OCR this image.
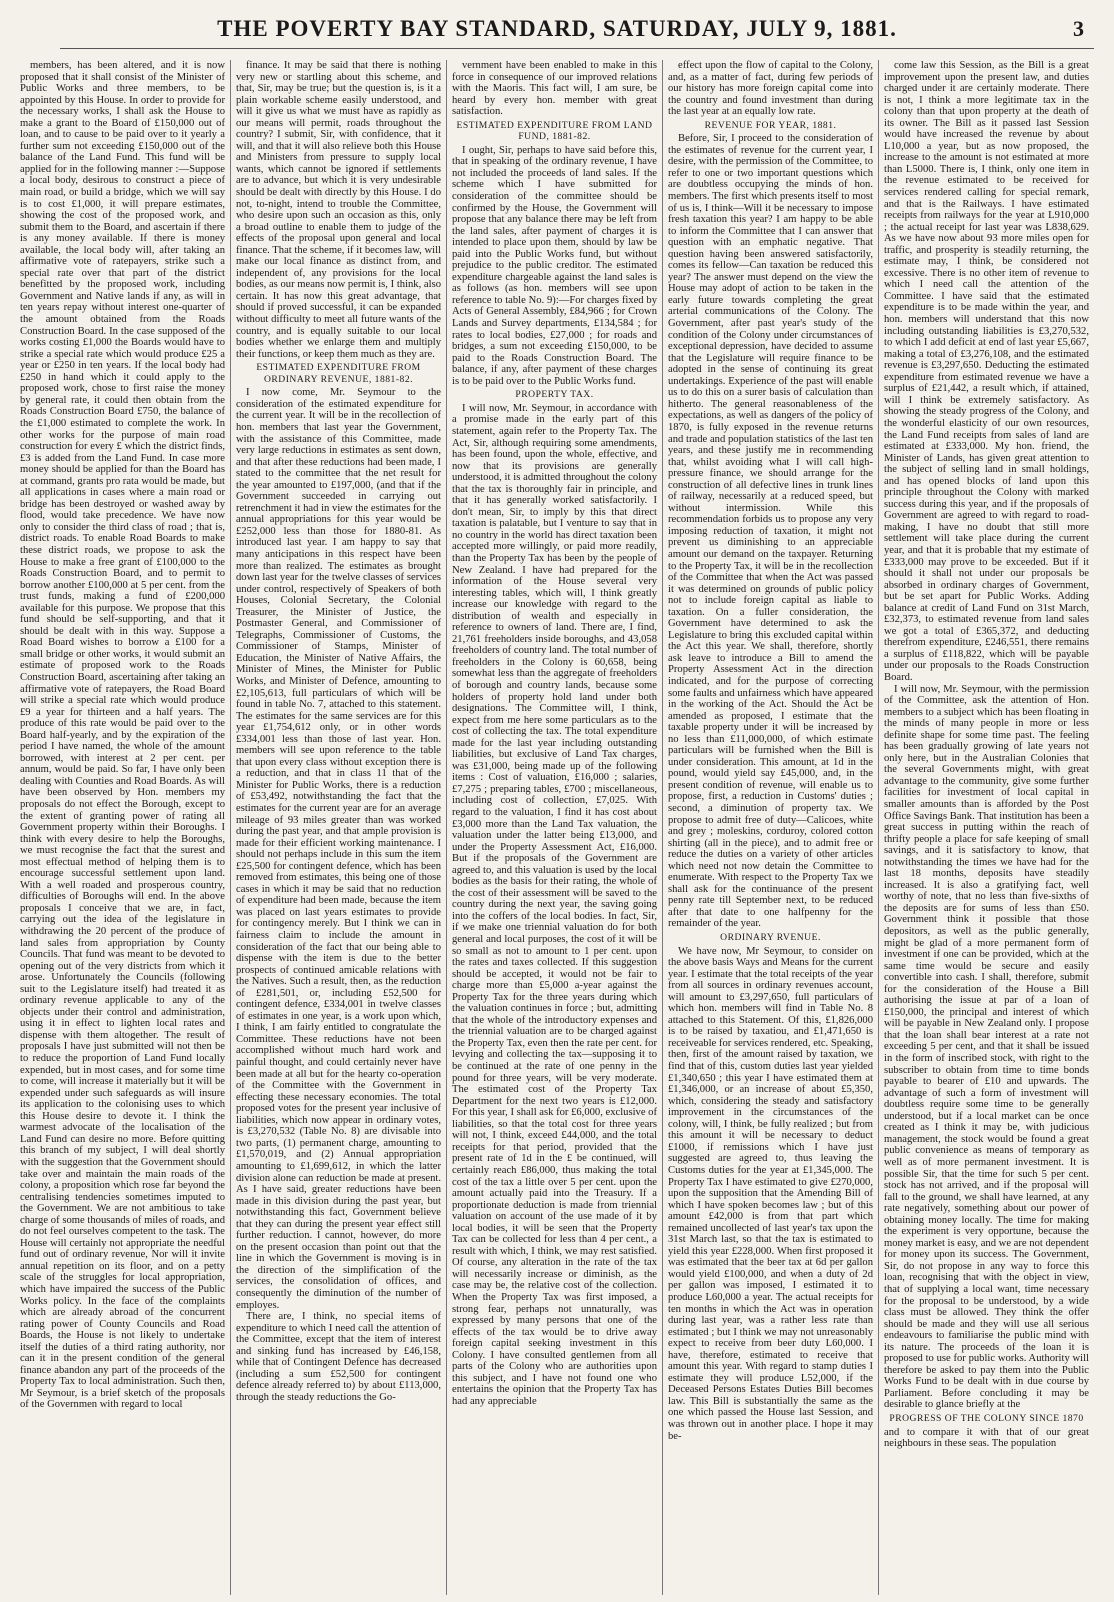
THE POVERTY BAY STANDARD, SATURDAY, JULY 9, 1881.	3

members, has been altered, and it is now proposed that it shall consist of the Minister of Public Works and three members, to be appointed by this House. In order to provide for the necessary works, I shall ask the House to make a grant to the Board of £150,000 out of loan, and to cause to be paid over to it yearly a further sum not exceeding £150,000 out of the balance of the Land Fund. This fund will be applied for in the following manner :—Suppose a local body, desirous to construct a piece of main road, or build a bridge, which we will say is to cost £1,000, it will prepare estimates, showing the cost of the proposed work, and submit them to the Board, and ascertain if there is any money available. If there is money available, the local body will, after taking an affirmative vote of ratepayers, strike such a special rate over that part of the district benefitted by the proposed work, including Government and Native lands if any, as will in ten years repay without interest one-quarter of the amount obtained from the Roads Construction Board. In the case supposed of the works costing £1,000 the Boards would have to strike a special rate which would produce £25 a year or £250 in ten years. If the local body had £250 in hand which it could apply to the proposed work, chose to first raise the money by general rate, it could then obtain from the Roads Construction Board £750, the balance of the £1,000 estimated to complete the work. In other works for the purpose of main road construction for every £ which the district finds, £3 is added from the Land Fund. In case more money should be applied for than the Board has at command, grants pro rata would be made, but all applications in cases where a main road or bridge has been destroyed or washed away by flood, would take precedence. We have now only to consider the third class of road ; that is, district roads. To enable Road Boards to make these district roads, we propose to ask the House to make a free grant of £100,000 to the Roads Construction Board, and to permit to borrow another £100,000 at 5 per cent. from the trust funds, making a fund of £200,000 available for this purpose. We propose that this fund should be self-supporting, and that it should be dealt with in this way. Suppose a Road Board wishes to borrow a £100 for a small bridge or other works, it would submit an estimate of proposed work to the Roads Construction Board, ascertaining after taking an affirmative vote of ratepayers, the Road Board will strike a special rate which would produce £9 a year for thirteen and a half years. The produce of this rate would be paid over to the Board half-yearly, and by the expiration of the period I have named, the whole of the amount borrowed, with interest at 2 per cent. per annum, would be paid. So far, I have only been dealing with Counties and Road Boards. As will have been observed by Hon. members my proposals do not effect the Borough, except to the extent of granting power of rating all Government property within their Boroughs. I think with every desire to help the Boroughs, we must recognise the fact that the surest and most effectual method of helping them is to encourage successful settlement upon land. With a well roaded and prosperous country, difficulties of Boroughs will end. In the above proposals I conceive that we are, in fact, carrying out the idea of the legislature in withdrawing the 20 percent of the produce of land sales from appropriation by County Councils. That fund was meant to be devoted to opening out of the very districts from which it arose. Unfortunately the Councils (following suit to the Legislature itself) had treated it as ordinary revenue applicable to any of the objects under their control and administration, using it in effect to lighten local rates and dispense with them altogether. The result of proposals I have just submitted will not then be to reduce the proportion of Land Fund locally expended, but in most cases, and for some time to come, will increase it materially but it will be expended under such safeguards as will insure its application to the colonising uses to which this House desire to devote it. I think the warmest advocate of the localisation of the Land Fund can desire no more. Before quitting this branch of my subject, I will deal shortly with the suggestion that the Government should take over and maintain the main roads of the colony, a proposition which rose far beyond the centralising tendencies sometimes imputed to the Government. We are not ambitious to take charge of some thousands of miles of roads, and do not feel ourselves competent to the task. The House will certainly not appropriate the needful fund out of ordinary revenue, Nor will it invite annual repetition on its floor, and on a petty scale of the struggles for local appropriation, which have impaired the success of the Public Works policy. In the face of the complaints which are already abroad of the concurrent rating power of County Councils and Road Boards, the House is not likely to undertake itself the duties of a third rating authority, nor can it in the present condition of the general finance abandon any part of the proceeds of the Property Tax to local administration. Such then, Mr Seymour, is a brief sketch of the proposals of the Governmen with regard to local

finance. It may be said that there is nothing very new or startling about this scheme, and that, Sir, may be true; but the question is, is it a plain workable scheme easily understood, and will it give us what we must have as rapidly as our means will permit, roads throughout the country? I submit, Sir, with confidence, that it will, and that it will also relieve both this House and Ministers from pressure to supply local wants, which cannot be ignored if settlements are to advance, but which it is very undesirable should be dealt with directly by this House. I do not, to-night, intend to trouble the Committee, who desire upon such an occasion as this, only a broad outline to enable them to judge of the effects of the proposal upon general and local finance. That the scheme, if it becomes law, will make our local finance as distinct from, and independent of, any provisions for the local bodies, as our means now permit is, I think, also certain. It has now this great advantage, that should if proved successful, it can be expanded without difficulty to meet all future wants of the country, and is equally suitable to our local bodies whether we enlarge them and multiply their functions, or keep them much as they are.

ESTIMATED EXPENDITURE FROM ORDINARY REVENUE, 1881-82.

I now come, Mr. Seymour to the consideration of the estimated expenditure for the current year. It will be in the recollection of hon. members that last year the Government, with the assistance of this Committee, made very large reductions in estimates as sent down, and that after these reductions had been made, I stated to the committee that the net result for the year amounted to £197,000, (and that if the Government succeeded in carrying out retrenchment it had in view the estimates for the annual appropriations for this year would be £252,000 less than those for 1880-81. As introduced last year. I am happy to say that many anticipations in this respect have been more than realized. The estimates as brought down last year for the twelve classes of services under control, respectively of Speakers of both Houses, Colonial Secretary, the Colonial Treasurer, the Minister of Justice, the Postmaster General, and Commissioner of Telegraphs, Commissioner of Customs, the Commissioner of Stamps, Minister of Education, the Minister of Native Affairs, the Minister of Mines, the Minister for Public Works, and Minister of Defence, amounting to £2,105,613, full particulars of which will be found in table No. 7, attached to this statement. The estimates for the same services are for this year £1,754,612 only, or in other words £334,001 less than those of last year. Hon. members will see upon reference to the table that upon every class without exception there is a reduction, and that in class 11 that of the Minister for Public Works, there is a reduction of £53,492, notwithstanding the fact that the estimates for the current year are for an average mileage of 93 miles greater than was worked during the past year, and that ample provision is made for their efficient working maintenance. I should not perhaps include in this sum the item £25,500 for contingent defence, which has been removed from estimates, this being one of those cases in which it may be said that no reduction of expenditure had been made, because the item was placed on last years estimates to provide for contingency merely. But I think we can in fairness claim to include the amount in consideration of the fact that our being able to dispense with the item is due to the better prospects of continued amicable relations with the Natives. Such a result, then, as the reduction of £281,501, or, including £52,500 for contingent defence, £334,001 in twelve classes of estimates in one year, is a work upon which, I think, I am fairly entitled to congratulate the Committee. These reductions have not been accomplished without much hard work and painful thought, and could certainly never have been made at all but for the hearty co-operation of the Committee with the Government in effecting these necessary economies. The total proposed votes for the present year inclusive of liabilities, which now appear in ordinary votes, is £3,270,532 (Table No. 8) are divisable into two parts, (1) permanent charge, amounting to £1,570,019, and (2) Annual appropriation amounting to £1,699,612, in which the latter division alone can reduction be made at present. As I have said, greater reductions have been made in this division during the past year, but notwithstanding this fact, Government believe that they can during the present year effect still further reduction. I cannot, however, do more on the present occasion than point out that the line in which the Government is moving is in the direction of the simplification of the services, the consolidation of offices, and consequently the diminution of the number of employes.

There are, I think, no special items of expenditure to which I need call the attention of the Committee, except that the item of interest and sinking fund has increased by £46,158, while that of Contingent Defence has decreased (including a sum £52,500 for contingent defence already referred to) by about £113,000, through the steady reductions the Go-

vernment have been enabled to make in this force in consequence of our improved relations with the Maoris. This fact will, I am sure, be heard by every hon. member with great satisfaction.

ESTIMATED EXPENDITURE FROM LAND FUND, 1881-82.

I ought, Sir, perhaps to have said before this, that in speaking of the ordinary revenue, I have not included the proceeds of land sales. If the scheme which I have submitted for consideration of the committee should be confirmed by the House, the Government will propose that any balance there may be left from the land sales, after payment of charges it is intended to place upon them, should by law be paid into the Public Works fund, but without prejudice to the public creditor. The estimated expenditure chargeable against the land sales is as follows (as hon. members will see upon reference to table No. 9):—For charges fixed by Acts of General Assembly, £84,966 ; for Crown Lands and Survey departments, £134,584 ; for rates to local bodies, £27,000 ; for roads and bridges, a sum not exceeding £150,000, to be paid to the Roads Construction Board. The balance, if any, after payment of these charges is to be paid over to the Public Works fund.

PROPERTY TAX.

I will now, Mr. Seymour, in accordance with a promise made in the early part of this statement, again refer to the Property Tax. The Act, Sir, although requiring some amendments, has been found, upon the whole, effective, and now that its provisions are generally understood, it is admitted throughout the colony that the tax is thoroughly fair in principle, and that it has generally worked satisfactorily. I don't mean, Sir, to imply by this that direct taxation is palatable, but I venture to say that in no country in the world has direct taxation been accepted more willingly, or paid more readily, than the Property Tax has been by the people of New Zealand. I have had prepared for the information of the House several very interesting tables, which will, I think greatly increase our knowledge with regard to the distribution of wealth and especially in reference to owners of land. There are, I find, 21,761 freeholders inside boroughs, and 43,058 freeholders of country land. The total number of freeholders in the Colony is 60,658, being somewhat less than the aggregate of freeholders of borough and country lands, because some holders of property hold land under both designations. The Committee will, I think, expect from me here some particulars as to the cost of collecting the tax. The total expenditure made for the last year including outstanding liabilities, but exclusive of Land Tax charges, was £31,000, being made up of the following items : Cost of valuation, £16,000 ; salaries, £7,275 ; preparing tables, £700 ; miscellaneous, including cost of collection, £7,025. With regard to the valuation, I find it has cost about £3,000 more than the Land Tax valuation, the valuation under the latter being £13,000, and under the Property Assessment Act, £16,000. But if the proposals of the Government are agreed to, and this valuation is used by the local bodies as the basis for their rating, the whole of the cost of their assessment will be saved to the country during the next year, the saving going into the coffers of the local bodies. In fact, Sir, if we make one triennial valuation do for both general and local purposes, the cost of it will be so small as not to amount to 1 per cent. upon the rates and taxes collected. If this suggestion should be accepted, it would not be fair to charge more than £5,000 a-year against the Property Tax for the three years during which the valuation continues in force ; but, admitting that the whole of the introductory expenses and the triennial valuation are to be charged against the Property Tax, even then the rate per cent. for levying and collecting the tax—supposing it to be continued at the rate of one penny in the pound for three years, will be very moderate. The estimated cost of the Property Tax Department for the next two years is £12,000. For this year, I shall ask for £6,000, exclusive of liabilities, so that the total cost for three years will not, I think, exceed £44,000, and the total receipts for that period, provided that the present rate of 1d in the £ be continued, will certainly reach £86,000, thus making the total cost of the tax a little over 5 per cent. upon the amount actually paid into the Treasury. If a proportionate deduction is made from triennial valuation on account of the use made of it by local bodies, it will be seen that the Property Tax can be collected for less than 4 per cent., a result with which, I think, we may rest satisfied. Of course, any alteration in the rate of the tax will necessarily increase or diminish, as the case may be, the relative cost of the collection. When the Property Tax was first imposed, a strong fear, perhaps not unnaturally, was expressed by many persons that one of the effects of the tax would be to drive away foreign capital seeking investment in this Colony. I have consulted gentlemen from all parts of the Colony who are authorities upon this subject, and I have not found one who entertains the opinion that the Property Tax has had any appreciable

effect upon the flow of capital to the Colony, and, as a matter of fact, during few periods of our history has more foreign capital come into the country and found investment than during the last year at an equally low rate.

REVENUE FOR YEAR, 1881.

Before, Sir, I proceed to the consideration of the estimates of revenue for the current year, I desire, with the permission of the Committee, to refer to one or two important questions which are doubtless occupying the minds of hon. members. The first which presents itself to most of us is, I think—Will it be necessary to impose fresh taxation this year? I am happy to be able to inform the Committee that I can answer that question with an emphatic negative. That question having been answered satisfactorily, comes its fellow—Can taxation be reduced this year? The answer must depend on the view the House may adopt of action to be taken in the early future towards completing the great arterial communications of the Colony. The Government, after past year's study of the condition of the Colony under circumstances of exceptional depression, have decided to assume that the Legislature will require finance to be adopted in the sense of continuing its great undertakings. Experience of the past will enable us to do this on a surer basis of calculation than hitherto. The general reasonableness of the expectations, as well as dangers of the policy of 1870, is fully exposed in the revenue returns and trade and population statistics of the last ten years, and these justify me in recommending that, whilst avoiding what I will call high-pressure finance, we should arrange for the construction of all defective lines in trunk lines of railway, necessarily at a reduced speed, but without intermission. While this recommendation forbids us to propose any very imposing reduction of taxation, it might not prevent us diminishing to an appreciable amount our demand on the taxpayer. Returning to the Property Tax, it will be in the recollection of the Committee that when the Act was passed it was determined on grounds of public policy not to include foreign capital as liable to taxation. On a fuller consideration, the Government have determined to ask the Legislature to bring this excluded capital within the Act this year. We shall, therefore, shortly ask leave to introduce a Bill to amend the Property Assessment Act in the direction indicated, and for the purpose of correcting some faults and unfairness which have appeared in the working of the Act. Should the Act be amended as proposed, I estimate that the taxable property under it will be increased by no less than £11,000,000, of which estimate particulars will be furnished when the Bill is under consideration. This amount, at 1d in the pound, would yield say £45,000, and, in the present condition of revenue, will enable us to propose, first, a reduction in Customs' duties ; second, a diminution of property tax. We propose to admit free of duty—Calicoes, white and grey ; moleskins, corduroy, colored cotton shirting (all in the piece), and to admit free or reduce the duties on a variety of other articles which need not now detain the Committee to enumerate. With respect to the Property Tax we shall ask for the continuance of the present penny rate till September next, to be reduced after that date to one halfpenny for the remainder of the year.

ORDINARY RVENUE.

We have now, Mr Seymour, to consider on the above basis Ways and Means for the current year. I estimate that the total receipts of the year from all sources in ordinary revenues account, will amount to £3,297,650, full particulars of which hon. members will find in Table No. 8 attached to this Statement. Of this, £1,826,000 is to be raised by taxatiou, and £1,471,650 is receiveable for services rendered, etc. Speaking, then, first of the amount raised by taxation, we find that of this, custom duties last year yielded £1,340,650 ; this year I have estimated them at £1,346,000, or an increase of about £5,350, which, considering the steady and satisfactory improvement in the circumstances of the colony, will, I think, be fully realized ; but from this amount it will be necessary to deduct £1000, if remissions which I have just suggested are agreed to, thus leaving the Customs duties for the year at £1,345,000. The Property Tax I have estimated to give £270,000, upon the supposition that the Amending Bill of which I have spoken becomes law ; but of this amount £42,000 is from that part which remained uncollected of last year's tax upon the 31st March last, so that the tax is estimated to yield this year £228,000. When first proposed it was estimated that the beer tax at 6d per gallon would yield £100,000, and when a duty of 2d per gallon was imposed, I estimated it to produce L60,000 a year. The actual receipts for ten months in which the Act was in operation during last year, was a rather less rate than estimated ; but I think we may not unreasonably expect to receive from beer duty L60,000. I have, therefore, estimated to receive that amount this year. With regard to stamp duties I estimate they will produce L52,000, if the Deceased Persons Estates Duties Bill becomes law. This Bill is substantially the same as the one which passed the House last Session, and was thrown out in another place. I hope it may be-

come law this Session, as the Bill is a great improvement upon the present law, and duties charged under it are certainly moderate. There is not, I think a more legitimate tax in the colony than that upon property at the death of its owner. The Bill as it passed last Session would have increased the revenue by about L10,000 a year, but as now proposed, the increase to the amount is not estimated at more than L5000. There is, I think, only one item in the revenue estimated to be received for services rendered calling for special remark, and that is the Railways. I have estimated receipts from railways for the year at L910,000 ; the actual receipt for last year was L838,629. As we have now about 93 more miles open for traffic, and prosperity is steadily returning, the estimate may, I think, be considered not excessive. There is no other item of revenue to which I need call the attention of the Committee. I have said that the estimated expenditure is to be made within the year, and hon. members will understand that this now including outstanding liabilities is £3,270,532, to which I add deficit at end of last year £5,667, making a total of £3,276,108, and the estimated revenue is £3,297,650. Deducting the estimated expenditure from estimated revenue we have a surplus of £21,442, a result which, if attained, will I think be extremely satisfactory. As showing the steady progress of the Colony, and the wonderful elasticity of our own resources, the Land Fund receipts from sales of land are estimated at £333,000. My hon. friend, the Minister of Lands, has given great attention to the subject of selling land in small holdings, and has opened blocks of land upon this principle throughout the Colony with marked success during this year, and if the proposals of Government are agreed to with regard to road-making, I have no doubt that still more settlement will take place during the current year, and that it is probable that my estimate of £333,000 may prove to be exceeded. But if it should it shall not under our proposals be absorbed in ordinary charges of Government, but be set apart for Public Works. Adding balance at credit of Land Fund on 31st March, £32,373, to estimated revenue from land sales we got a total of £365,372, and deducting therefrom expenditure, £246,551, there remains a surplus of £118,822, which will be payable under our proposals to the Roads Construction Board.

I will now, Mr. Seymour, with the permission of the Committee, ask the attention of Hon. members to a subject which has been floating in the minds of many people in more or less definite shape for some time past. The feeling has been gradually growing of late years not only here, but in the Australian Colonies that the several Governments might, with great advantage to the community, give some further facilities for investment of local capital in smaller amounts than is afforded by the Post Office Savings Bank. That institution has been a great success in putting within the reach of thrifty people a place for safe keeping of small savings, and it is satisfactory to know, that notwithstanding the times we have had for the last 18 months, deposits have steadily increased. It is also a gratifying fact, well worthy of note, that no less than five-sixths of the deposits are for sums of less than £50. Government think it possible that those depositors, as well as the public generally, might be glad of a more permanent form of investment if one can be provided, which at the same time would be secure and easily convertible into cash. I shall, therefore, submit for the consideration of the House a Bill authorising the issue at par of a loan of £150,000, the principal and interest of which will be payable in New Zealand only. I propose that the loan shall bear interest at a rate not exceeding 5 per cent, and that it shall be issued in the form of inscribed stock, with right to the subscriber to obtain from time to time bonds payable to bearer of £10 and upwards. The advantage of such a form of investment will doubtless require some time to be generally understood, but if a local market can be once created as I think it may be, with judicious management, the stock would be found a great public convenience as means of temporary as well as of more permanent investment. It is possible Sir, that the time for such 5 per cent. stock has not arrived, and if the proposal will fall to the ground, we shall have learned, at any rate negatively, something about our power of obtaining money locally. The time for making the experiment is very opportune, because the money market is easy, and we are not dependent for money upon its success. The Government, Sir, do not propose in any way to force this loan, recognising that with the object in view, that of supplying a local want, time necessary for the proposal to be understood, by a wide class must be allowed. They think the offer should be made and they will use all serious endeavours to familiarise the public mind with its nature. The proceeds of the loan it is proposed to use for public works. Authority will therefore be asked to pay them into the Public Works Fund to be dealt with in due course by Parliament. Before concluding it may be desirable to glance briefly at the

PROGRESS OF THE COLONY SINCE 1870

and to compare it with that of our great neighbours in these seas. The population
